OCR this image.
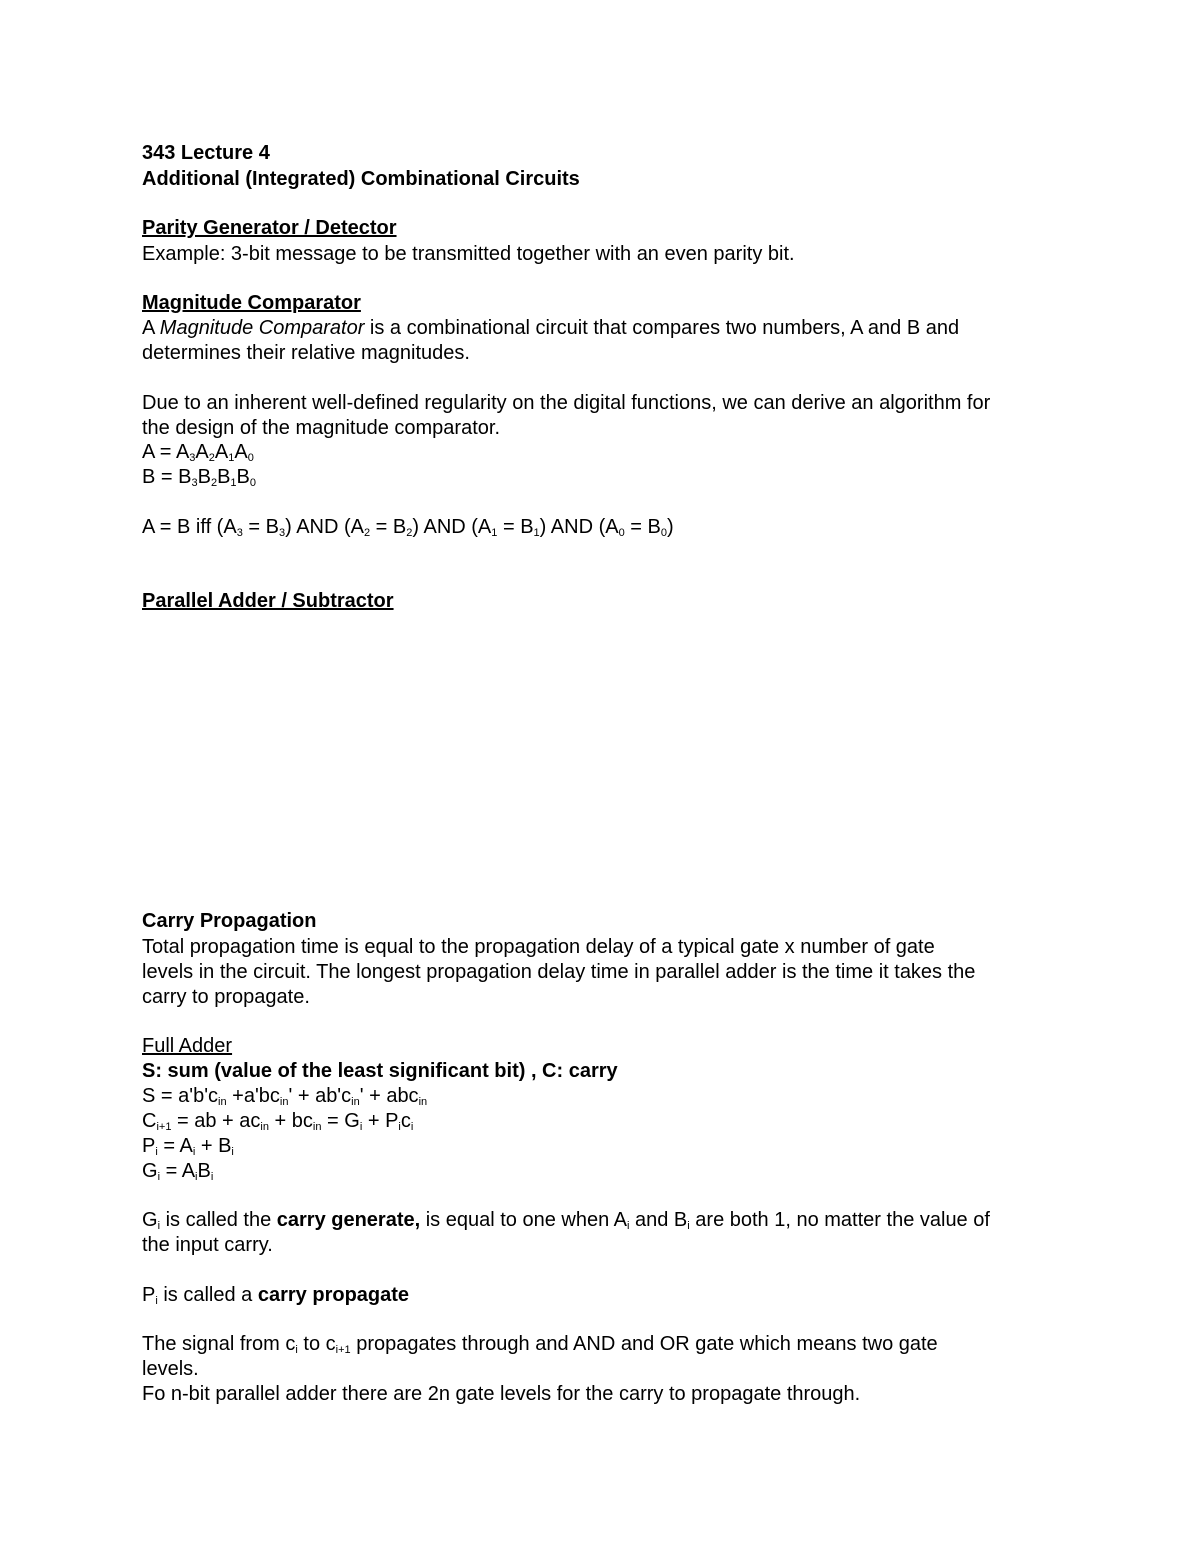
343 Lecture 4
Additional (Integrated) Combinational Circuits
Parity Generator / Detector
Example: 3-bit message to be transmitted together with an even parity bit.
Magnitude Comparator
A Magnitude Comparator is a combinational circuit that compares two numbers, A and B and
determines their relative magnitudes.
Due to an inherent well-defined regularity on the digital functions, we can derive an algorithm for
the design of the magnitude comparator.
$A = A_3A_2A_1A_0$
$B = B_3B_2B_1B_0$
A = B iff $(A_3 = B_3)$ AND $(A_2 = B_2)$ AND $(A_1 = B_1)$ AND $(A_0 = B_0)$
Parallel Adder / Subtractor
Carry Propagation
Total propagation time is equal to the propagation delay of a typical gate x number of gate
levels in the circuit. The longest propagation delay time in parallel adder is the time it takes the
carry to propagate.
Full Adder
S: sum (value of the least significant bit) , C: carry
$S = a'b'c_{in} +a'bc_{in}' + ab'c_{in}' + abc_{in}$
$C_{i+1}$ = ab + $ac_{in} + bc_{in} = G_i + P_ic_i$
$P_i = A_i + B_i$
$G_i = A_iB_i$
$G_i$ is called the carry generate, is equal to one when $A_i$ and $B_i$ are both 1, no matter the value of
the input carry.
$P_i$ is called a carry propagate
The signal from $c_i$ to $c_{i+1}$ propagates through and AND and OR gate which means two gate
levels.
Fo n-bit parallel adder there are 2n gate levels for the carry to propagate through.
